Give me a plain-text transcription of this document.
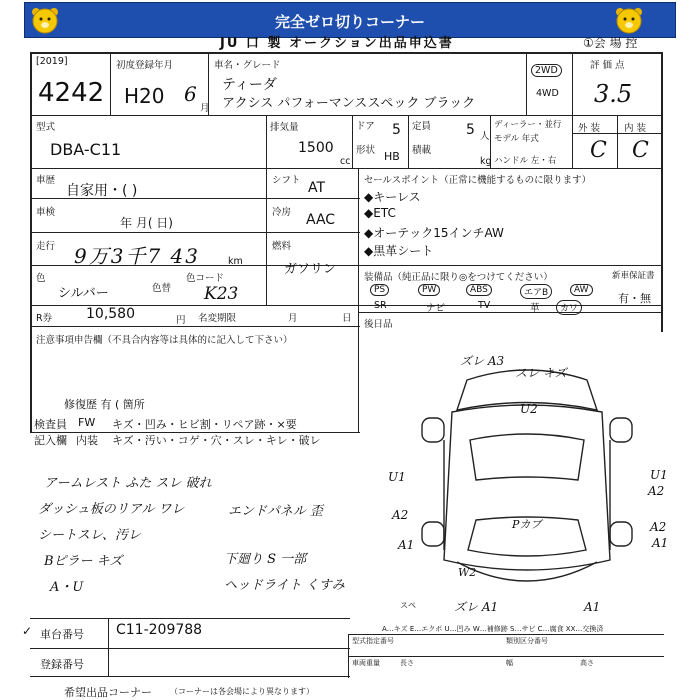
完全ゼロ切りコーナー
JU 口 製 オークション出品申込書	①会 場 控
[2019]
4242
初度登録年月
H20 6
月
車名・グレード
ティーダ
アクシス パフォーマンススペック ブラック
2WD
4WD
評 価 点
3.5
型式
DBA-C11
排気量
1500
cc
ドア 5
形状 HB
定員 5 人
積載
kg
ディーラー・並行
モデル 年式
ハンドル 左・右
外 装	内 装
C C
車歴
自家用・( )
シフト AT
車検
年 月( 日)
冷房 AAC
走行 9万3千7 43	km
燃料
ガソリン
色
シルバー	色替
色コード
K23
R券 10,580	円 名変期限	月	日
セールスポイント（正常に機能するものに限ります）
◆キーレス
◆ETC
◆オーテック15インチAW
◆黒革シート
装備品（純正品に限り◎をつけてください）
PS	PW	ABS	エアB	AW
SR	ナビ	TV	革	カワ
新車保証書
有・無
後日品
注意事項申告欄（不具合内容等は具体的に記入して下さい）
修復歴 有 ( 箇所
検査員
記入欄
FW
内装
キズ・凹み・ヒビ割・リペア跡・×要
キズ・汚い・コゲ・穴・スレ・キレ・破レ
アームレスト ふた スレ 破れ
ダッシュ板のリアル ワレ
シートスレ、汚レ
Bピラー キズ
A・U
エンドパネル 歪
下廻り S 一部
ヘッドライト くすみ
ズレ A3
スレ キズ
U2
U1	U1
A2
A2
A2
A1	A1
W2
Pカブ
ズレ A1	A1
スペ
A…キズ E…エクボ U…凹み W…補修跡 S…サビ C…腐食 XX…交換済
✓ 車台番号 C11-209788
登録番号
型式指定番号	類別区分番号
車両重量	長さ	幅	高さ
希望出品コーナー （コーナーは各会場により異なります）
